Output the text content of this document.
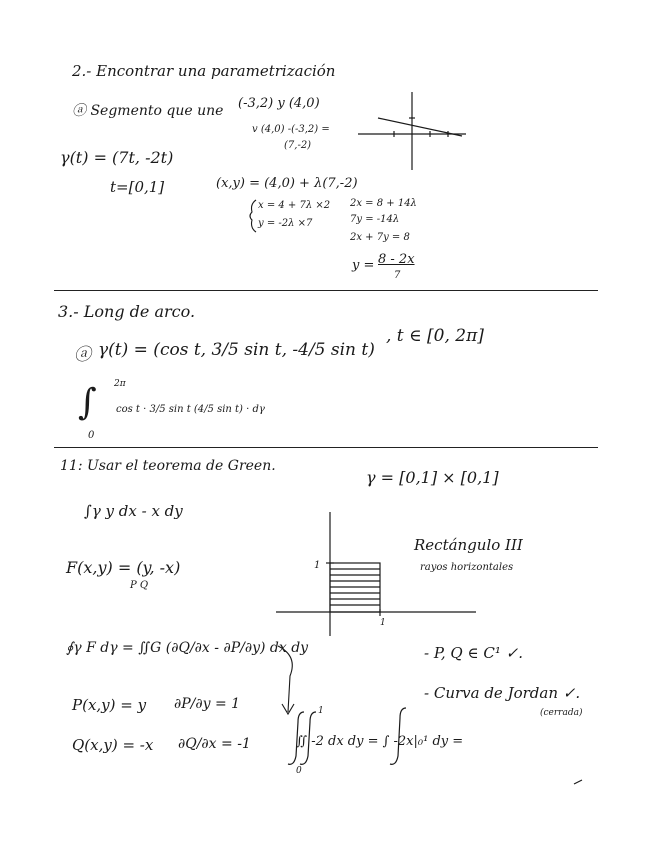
2.- Encontrar una parametrización
ⓐ Segmento que une (-3,2) y (4,0)
v (4,0) -(-3,2) =
(7,-2)
γ(t) = (7t, -2t)
t=[0,1]	(x,y) = (4,0) + λ(7,-2)
x = 4 + 7λ ×2
y = -2λ ×7
2x = 8 + 14λ
7y = -14λ
2x + 7y = 8
y = 8 - 2x
7
3.- Long de arco.
ⓐ γ(t) = (cos t, 3/5 sin t, -4/5 sin t)
, t ∈ [0, 2π]
∫ 2π
0
cos t · 3/5 sin t (4/5 sin t) · dγ
11: Usar el teorema de Green.
γ = [0,1] × [0,1]
∫γ y dx - x dy
F(x,y) = (y, -x)
P Q
Rectángulo III
rayos horizontales
1
1
∮γ F dγ = ∬G (∂Q/∂x - ∂P/∂y) dx dy	- P, Q ∈ C¹ ✓.
- Curva de Jordan ✓.
(cerrada)
P(x,y) = y ∂P/∂y = 1
Q(x,y) = -x ∂Q/∂x = -1	∬ -2 dx dy = ∫ -2x|₀¹ dy =
1
0
